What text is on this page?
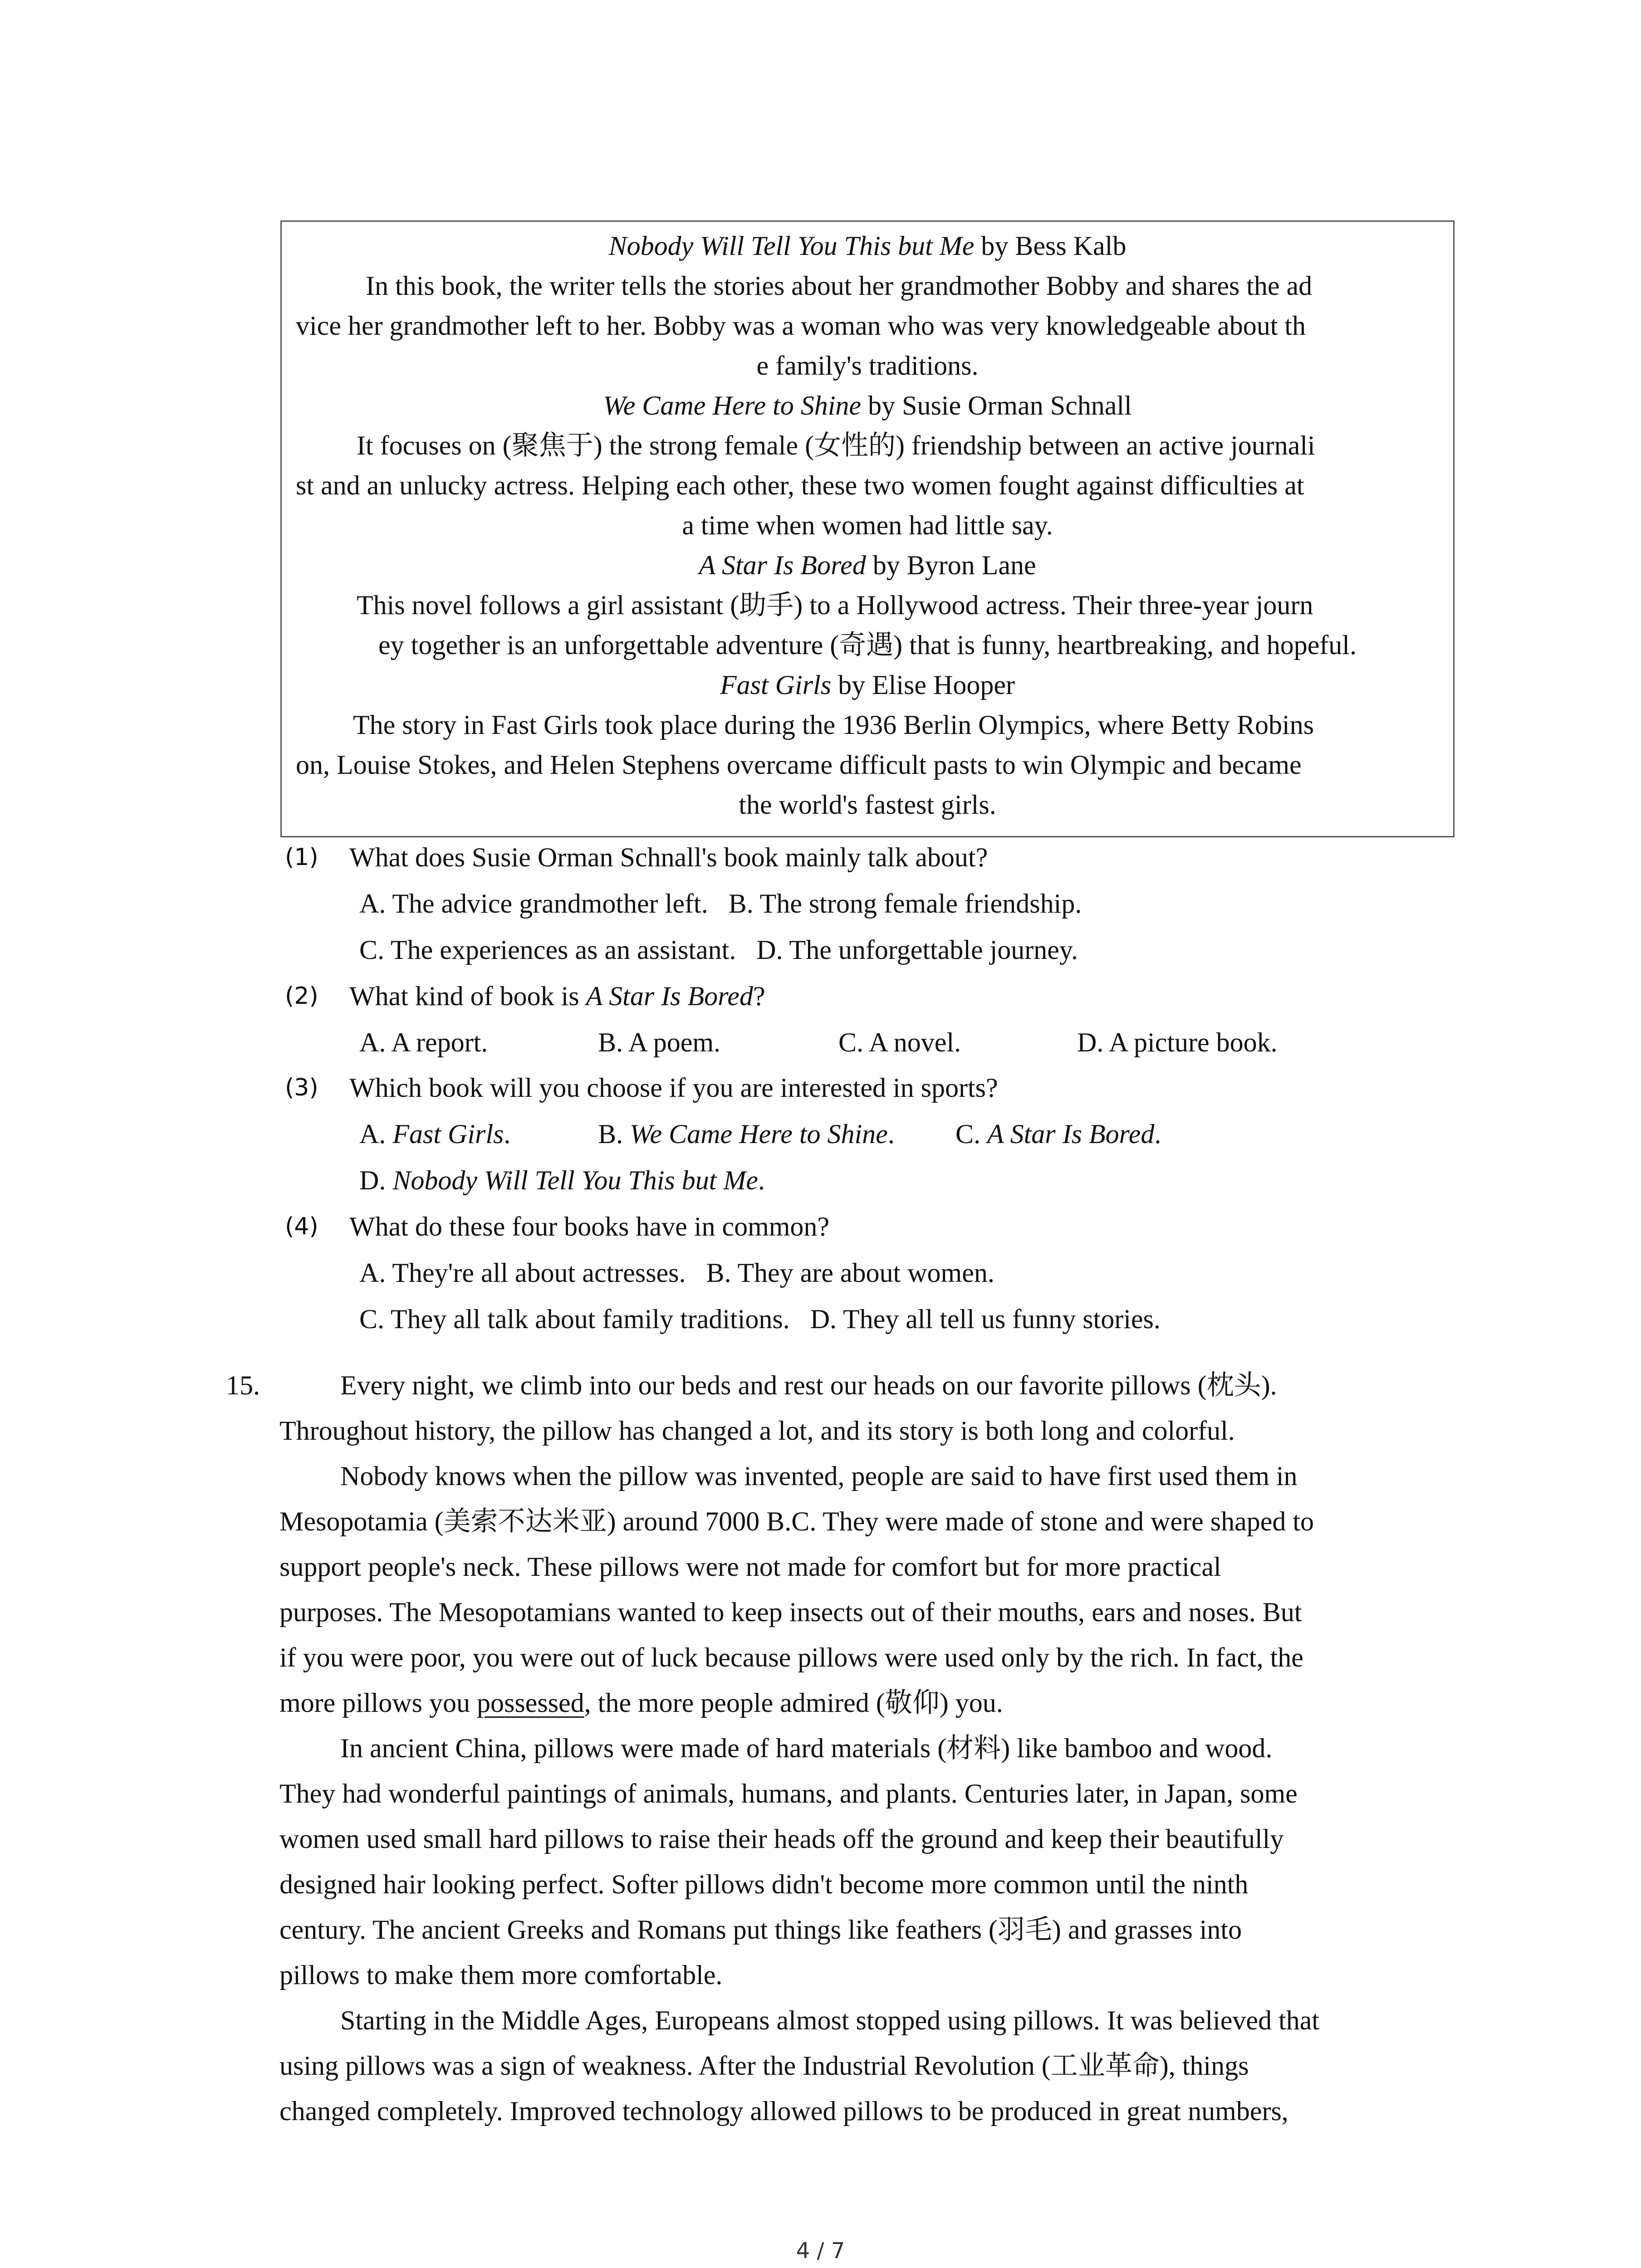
Nobody Will Tell You This but Me by Bess Kalb
In this book, the writer tells the stories about her grandmother Bobby and shares the ad
vice her grandmother left to her. Bobby was a woman who was very knowledgeable about th
e family's traditions.
We Came Here to Shine by Susie Orman Schnall
It focuses on (聚焦于) the strong female (女性的) friendship between an active journali
st and an unlucky actress. Helping each other, these two women fought against difficulties at
a time when women had little say.
A Star Is Bored by Byron Lane
This novel follows a girl assistant (助手) to a Hollywood actress. Their three-year journ
ey together is an unforgettable adventure (奇遇) that is funny, heartbreaking, and hopeful.
Fast Girls by Elise Hooper
The story in Fast Girls took place during the 1936 Berlin Olympics, where Betty Robins
on, Louise Stokes, and Helen Stephens overcame difficult pasts to win Olympic and became
the world's fastest girls.
(1) What does Susie Orman Schnall's book mainly talk about?
A. The advice grandmother left.   B. The strong female friendship.
C. The experiences as an assistant.   D. The unforgettable journey.
(2) What kind of book is A Star Is Bored?
A. A report.	B. A poem.	C. A novel.	D. A picture book.
(3) Which book will you choose if you are interested in sports?
A. Fast Girls.	B. We Came Here to Shine. C. A Star Is Bored.
D. Nobody Will Tell You This but Me.
(4) What do these four books have in common?
A. They're all about actresses.   B. They are about women.
C. They all talk about family traditions.   D. They all tell us funny stories.
15.	Every night, we climb into our beds and rest our heads on our favorite pillows (枕头).
Throughout history, the pillow has changed a lot, and its story is both long and colorful.
Nobody knows when the pillow was invented, people are said to have first used them in
Mesopotamia (美索不达米亚) around 7000 B.C. They were made of stone and were shaped to
support people's neck. These pillows were not made for comfort but for more practical
purposes. The Mesopotamians wanted to keep insects out of their mouths, ears and noses. But
if you were poor, you were out of luck because pillows were used only by the rich. In fact, the
more pillows you possessed, the more people admired (敬仰) you.
In ancient China, pillows were made of hard materials (材料) like bamboo and wood.
They had wonderful paintings of animals, humans, and plants. Centuries later, in Japan, some
women used small hard pillows to raise their heads off the ground and keep their beautifully
designed hair looking perfect. Softer pillows didn't become more common until the ninth
century. The ancient Greeks and Romans put things like feathers (羽毛) and grasses into
pillows to make them more comfortable.
Starting in the Middle Ages, Europeans almost stopped using pillows. It was believed that
using pillows was a sign of weakness. After the Industrial Revolution (工业革命), things
changed completely. Improved technology allowed pillows to be produced in great numbers,
4 / 7
